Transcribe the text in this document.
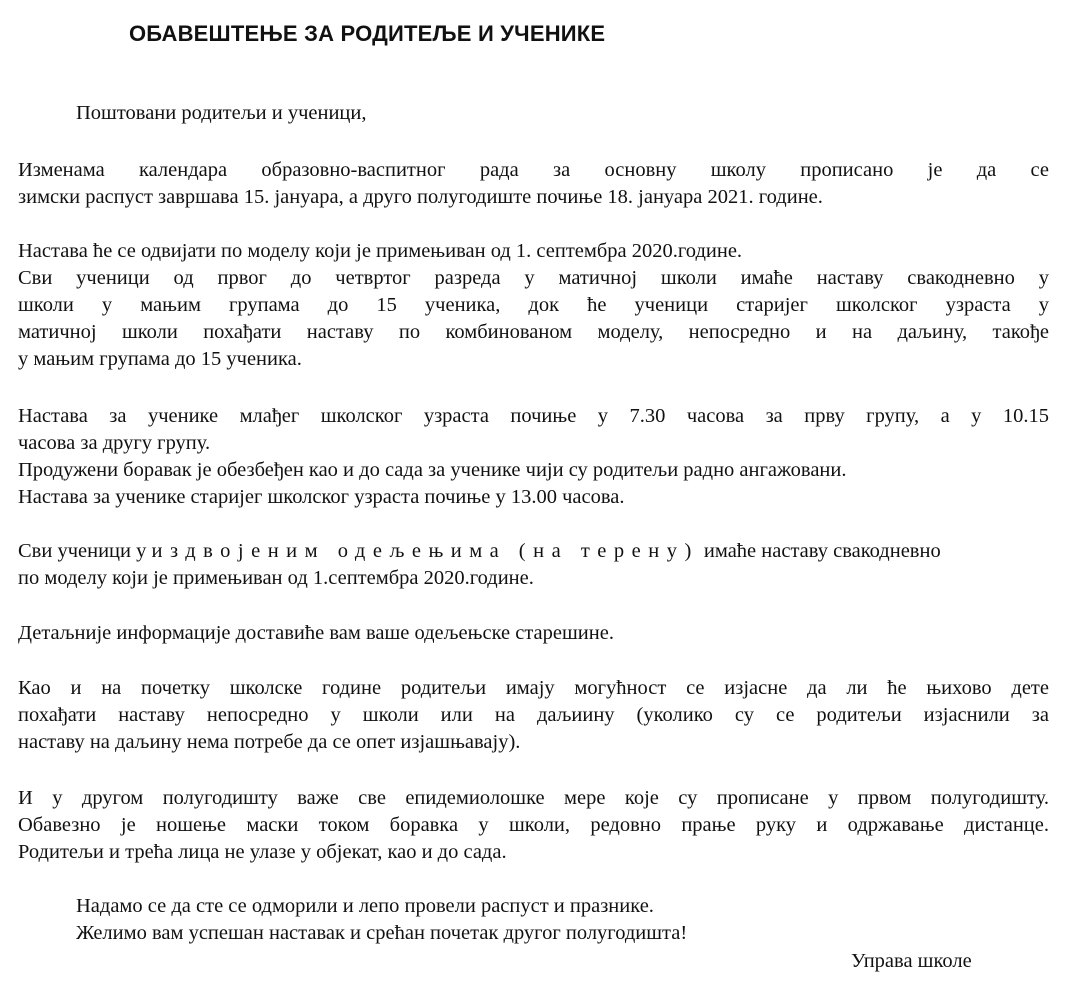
ОБАВЕШТЕЊЕ ЗА РОДИТЕЉЕ И УЧЕНИКЕ
Поштовани родитељи и ученици,
Изменама календара образовно-васпитног рада за основну школу прописано је да се
зимски распуст завршава 15. јануара, а друго полугодиште почиње 18. јануара 2021. године.
Настава ће се одвијати по моделу који је примењиван од 1. септембра 2020.године.
Сви ученици од првог до четвртог разреда у матичној школи имаће наставу свакодневно у
школи у мањим групама до 15 ученика, док ће ученици старијег школског узраста у
матичној школи похађати наставу по комбинованом моделу, непосредно и на даљину, такође
у мањим групама до 15 ученика.
Настава за ученике млађег школског узраста почиње у 7.30 часова за прву групу, а у 10.15
часова за другу групу.
Продужени боравак је обезбеђен као и до сада за ученике чији су родитељи радно ангажовани.
Настава за ученике старијег школског узраста почиње у 13.00 часова.
Сви ученици у издвојеним одељењима (на терену) имаће наставу свакодневно
по моделу који је примењиван од 1.септембра 2020.године.
Детаљније информације доставиће вам ваше одељењске старешине.
Као и на почетку школске године родитељи имају могућност се изјасне да ли ће њихово дете
похађати наставу непосредно у школи или на даљиину (уколико су се родитељи изјаснили за
наставу на даљину нема потребе да се опет изјашњавају).
И у другом полугодишту важе све епидемиолошке мере које су прописане у првом полугодишту.
Обавезно је ношење маски током боравка у школи, редовно прање руку и одржавање дистанце.
Родитељи и трећа лица не улазе у објекат, као и до сада.
Надамо се да сте се одморили и лепо провели распуст и празнике.
Желимо вам успешан наставак и срећан почетак другог полугодишта!
Управа школе
